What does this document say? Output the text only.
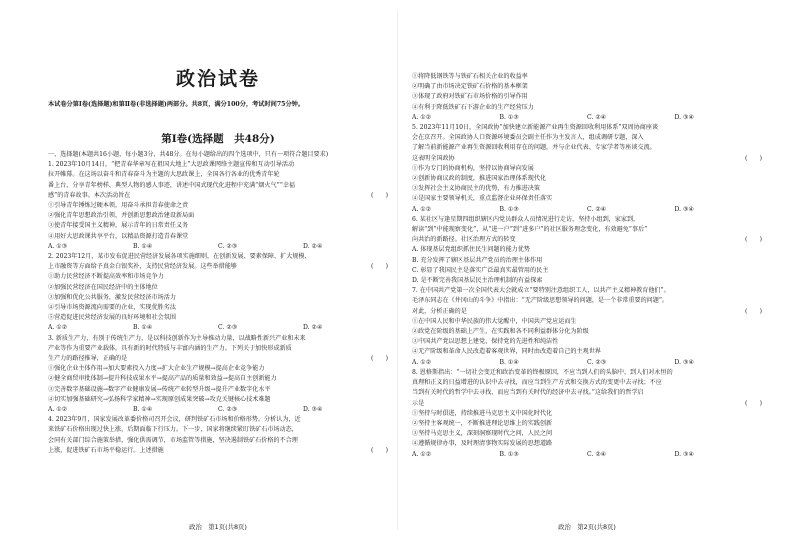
政治试卷
本试卷分第Ⅰ卷(选择题)和第Ⅱ卷(非选择题)两部分。共8页，满分100分，考试时间75分钟。
第Ⅰ卷(选择题　共48分)

一、选择题(本题共16小题，每小题3分，共48分。在每小题给出的四个选项中，只有一项符合题目要求)

1. 2023年10月14日，“把青春华章写在祖国大地上”大思政课网络主题宣传和互动引导活动

拉开帷幕。在这场以奋斗和青春奋斗为主题的大思政课上，全国各行各业的优秀青年轮

番上台、分享青年榜样、典型人物的感人事迹，讲述中国式现代化进程中充满“烟火气”“幸福

感”的青春故事。本次活动旨在	(　　)

①引导青年锤炼过硬本领，用奋斗承担青春使命之责

②强化青年思想政治引领，并创新思想政治建设新局面

③使青年接受国主义精神，展示青年的日常责任义务

④用好大思政课共享平台，以精品资源打造青春课堂

A. ①③	B. ①④	C. ②③	D. ②④

2. 2023年12月，某市发布促进民营经济发展各项实施细则，在创新发展、要素保障、扩大规模、

上市融资等方面给予真金白银奖补，支持民营经济发展。这些举措能够	(　　)

①助力民营经济不断提高效率和市场竞争力

②加强民营经济在国民经济中的主体地位

③加强和优化公共服务，激发民营经济市场活力

④引导市场资源流向需要的企业，实现优胜劣汰

⑤营造促进民营经济发展的良好环境和社会氛围

A. ①②	B. ①④	C. ②③	D. ②④

3. 新质生产力，有别于传统生产力，是以科技创新作为主导推动力量，以战略性新兴产业和未来

产业等作为重要产业载体，具有新的时代特质与丰富内涵的生产力。下列关于加快形成新质

生产力的路径推导，正确的是	(　　)

①强化企业主体作用→加大要素投入力度→扩大企业生产规模→提高企业竞争能力

②健全商贸审批体制→提升科技成果水平→提高产品的质量和效益→提高自主创新能力

③完善数字基础设施→数字产业健康发展→传统产业转型升级→提升产业数字化水平

④切实加强基础研究→弘扬科学家精神→实现原创成果突破→攻克关键核心技术难题

A. ①②	B. ①④	C. ②③	D. ③④

4. 2023年9月，国家发展改革委价格司召开会议，研判铁矿石市场和价格形势。分析认为，近

来铁矿石价格出现过快上涨，后期面临下行压力。下一步，国家将继续紧盯铁矿石市场动态，

会同有关部门综合施策举措，强化供需调节，市场监管等措施，坚决遏制铁矿石价格的不合理

上涨，促进铁矿石市场平稳运行。上述措施	(　　)

政治　第1页(共8页)

①将降低钢铁等与铁矿石相关企业的收益率

②明确了由市场决定铁矿石价格的基本框架

③体现了政府对铁矿石市场价格的引导作用

④有利于降低铁矿石下游企业的生产经营压力

A. ①②	B. ①③	C. ②④	D. ③④

5. 2023年11月10日，全国政协“加快建立新能源产业再生资源回收利用体系”双周协商座谈

会在京召开。全国政协人口资源环境委员会副主任作为主发言人，组成调研专题，深入

了解当前新能源产业再生资源回收利用存在的问题，并与企业代表、专家学者等座谈交流。

这表明全国政协	(　　)

①作为专门的协商机构，坚持以协商导向发展

②创新协商议政的制度，推进国家治理体系现代化

③发挥社会主义协商民主的优势，有力推进决策

④是国家主要领导机关，重点监督企业环保责任落实

A. ①②	B. ①③	C. ②④	D. ③④

6. 某社区与逢星期四组织辖区内党员群众人员情况进行走访，坚持小组到，家家到，

解读“到”中能现察变化”，从“进一户”到“进多户”的社区服务理念变化，有效避免“事后”

向共治的新路径。社区治理方式的转变	(　　)

A. 体现基层党组织抓住民生问题的能力优势

B. 充分发挥了辖区基层共产党员的治理主体作用

C. 彰显了我国民主是落实广泛最真实最管用的民主

D. 是不断完善我国基层民主治理机制的有益探索

7. 在中国共产党第一次全国代表大会就成立“要特别注意组织工人，以共产主义精神教育他们”。

毛泽东同志在《井冈山的斗争》中指出：“无产阶级思想领导的问题，是一个非常重要的问题”。

对此，分析正确的是	(　　)

①在中国人民和中华民族的伟大觉醒中，中国共产党应运而生

②政党在阶级的基础上产生，在实践和各不同利益群体分化为阶级

③中国共产党以思想上建党，保持党的先进性和纯洁性

④无产阶级和革命人民改造着客观世界，同时由改造着自己的主观世界

A. ①②	B. ①④	C. ②③	D. ③④

8. 恩格斯指出：“一切社会变迁和政治变革的终极原因，不应当到人们的头脑中，到人们对永恒的

真理和正义的日益增进的认识中去寻找，而应当到生产方式和交换方式的变更中去寻找；不应

当到有关时代的哲学中去寻找，而应当到有关时代的经济中去寻找。”这给我们的哲学启

示是	(　　)

①坚持与时俱进，持续推进马克思主义中国化时代化

②坚持主客观统一，不断推进理论思维上的实践创新

③坚持马克思主义，深刻洞察现时代之问，人民之问

④遵循规律办事，及时理清事物实际发展的思想道路

A. ①②	B. ①③	C. ②④	D. ③④
政治　第2页(共8页)
